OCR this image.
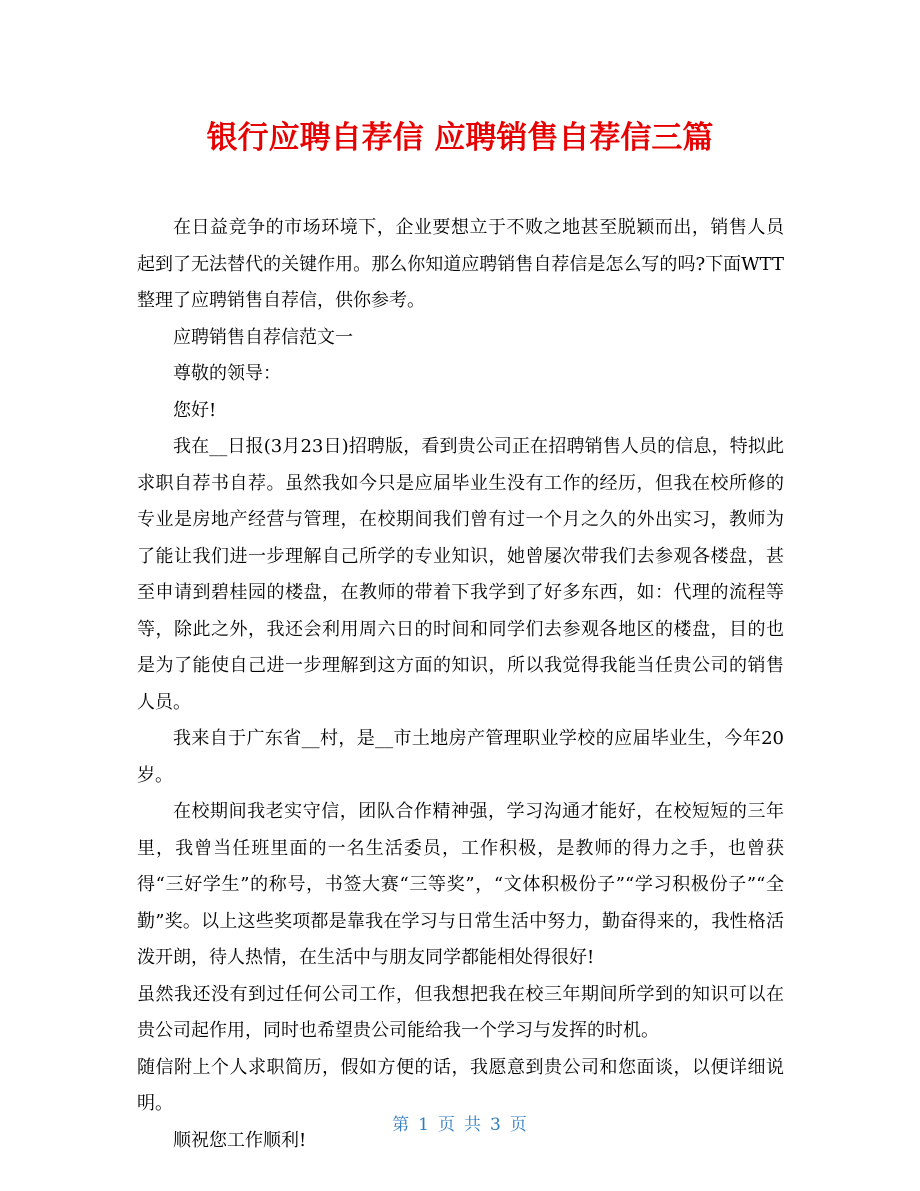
银行应聘自荐信 应聘销售自荐信三篇

在日益竞争的市场环境下，企业要想立于不败之地甚至脱颖而出，销售人员起到了无法替代的关键作用。那么你知道应聘销售自荐信是怎么写的吗?下面WTT整理了应聘销售自荐信，供你参考。

应聘销售自荐信范文一

尊敬的领导：

您好!

我在__日报(3月23日)招聘版，看到贵公司正在招聘销售人员的信息，特拟此求职自荐书自荐。虽然我如今只是应届毕业生没有工作的经历，但我在校所修的专业是房地产经营与管理，在校期间我们曾有过一个月之久的外出实习，教师为了能让我们进一步理解自己所学的专业知识，她曾屡次带我们去参观各楼盘，甚至申请到碧桂园的楼盘，在教师的带着下我学到了好多东西，如：代理的流程等等，除此之外，我还会利用周六日的时间和同学们去参观各地区的楼盘，目的也是为了能使自己进一步理解到这方面的知识，所以我觉得我能当任贵公司的销售人员。

我来自于广东省__村，是__市土地房产管理职业学校的应届毕业生，今年20岁。

在校期间我老实守信，团队合作精神强，学习沟通才能好，在校短短的三年里，我曾当任班里面的一名生活委员，工作积极，是教师的得力之手，也曾获得“三好学生”的称号，书签大赛“三等奖”，“文体积极份子”“学习积极份子”“全勤”奖。以上这些奖项都是靠我在学习与日常生活中努力，勤奋得来的，我性格活泼开朗，待人热情，在生活中与朋友同学都能相处得很好!

虽然我还没有到过任何公司工作，但我想把我在校三年期间所学到的知识可以在贵公司起作用，同时也希望贵公司能给我一个学习与发挥的时机。

随信附上个人求职简历，假如方便的话，我愿意到贵公司和您面谈，以便详细说明。

顺祝您工作顺利!

第 1 页 共 3 页
